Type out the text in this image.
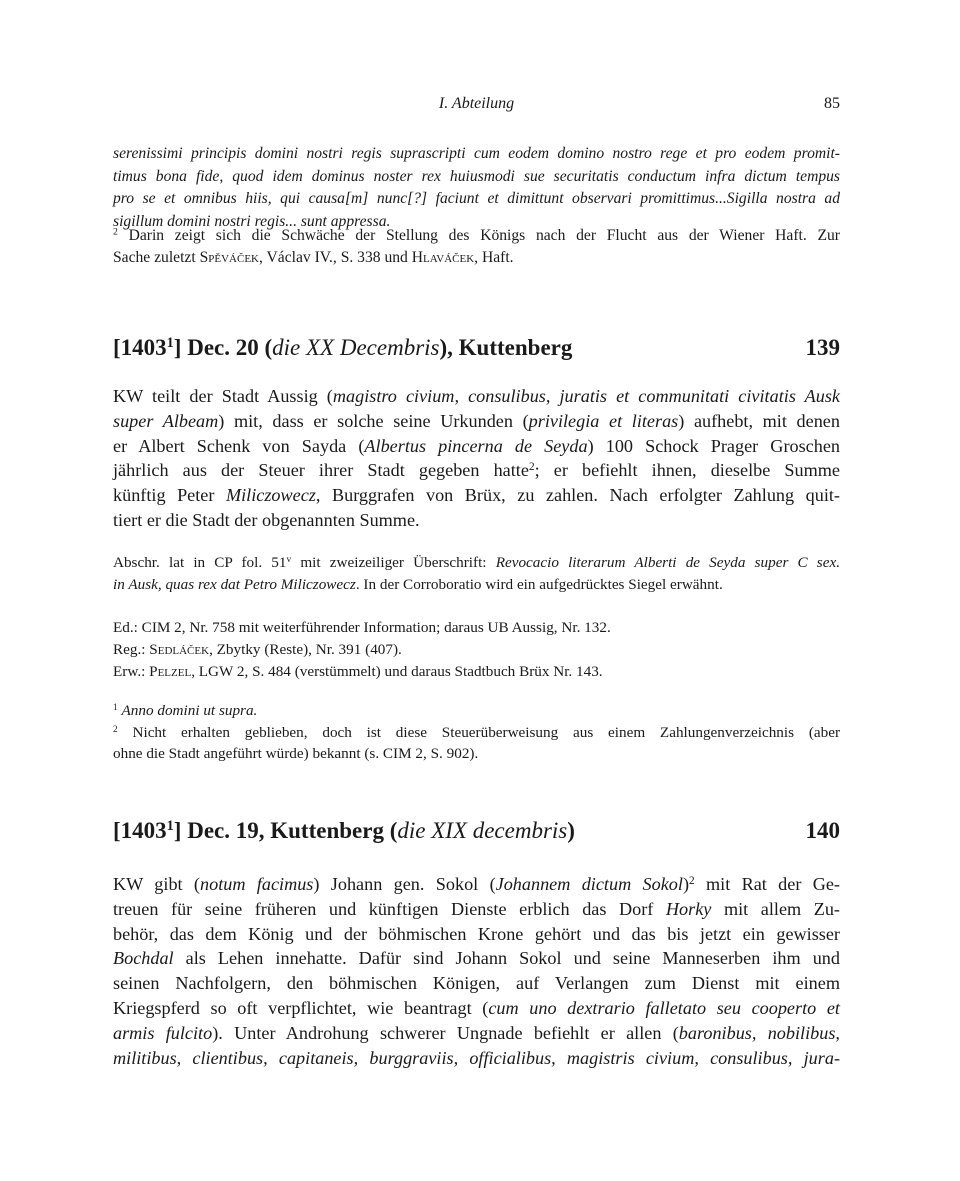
I. Abteilung	85
serenissimi principis domini nostri regis suprascripti cum eodem domino nostro rege et pro eodem promit-
timus bona fide, quod idem dominus noster rex huiusmodi sue securitatis conductum infra dictum tempus
pro se et omnibus hiis, qui causa[m] nunc[?] faciunt et dimittunt observari promittimus...Sigilla nostra ad
sigillum domini nostri regis... sunt appressa.
$^2$ Darin zeigt sich die Schwäche der Stellung des Königs nach der Flucht aus der Wiener Haft. Zur
Sache zuletzt Spěváček, Václav IV., S. 338 und Hlaváček, Haft.
[1403$^1$] Dec. 20 (die XX Decembris), Kuttenberg	139
KW teilt der Stadt Aussig (magistro civium, consulibus, juratis et communitati civitatis Ausk
super Albeam) mit, dass er solche seine Urkunden (privilegia et literas) aufhebt, mit denen
er Albert Schenk von Sayda (Albertus pincerna de Seyda) 100 Schock Prager Groschen
jährlich aus der Steuer ihrer Stadt gegeben hatte$^2$; er befiehlt ihnen, dieselbe Summe
künftig Peter Miliczowecz, Burggrafen von Brüx, zu zahlen. Nach erfolgter Zahlung quit-
tiert er die Stadt der obgenannten Summe.
Abschr. lat in CP fol. 51$^v$ mit zweizeiliger Überschrift: Revocacio literarum Alberti de Seyda super C sex.
in Ausk, quas rex dat Petro Miliczowecz. In der Corroboratio wird ein aufgedrücktes Siegel erwähnt.
Ed.: CIM 2, Nr. 758 mit weiterführender Information; daraus UB Aussig, Nr. 132.
Reg.: Sedláček, Zbytky (Reste), Nr. 391 (407).
Erw.: Pelzel, LGW 2, S. 484 (verstümmelt) und daraus Stadtbuch Brüx Nr. 143.
$^1$ Anno domini ut supra.
$^2$ Nicht erhalten geblieben, doch ist diese Steuerüberweisung aus einem Zahlungenverzeichnis (aber
ohne die Stadt angeführt würde) bekannt (s. CIM 2, S. 902).
[1403$^1$] Dec. 19, Kuttenberg (die XIX decembris)	140
KW gibt (notum facimus) Johann gen. Sokol (Johannem dictum Sokol)$^2$ mit Rat der Ge-
treuen für seine früheren und künftigen Dienste erblich das Dorf Horky mit allem Zu-
behör, das dem König und der böhmischen Krone gehört und das bis jetzt ein gewisser
Bochdal als Lehen innehatte. Dafür sind Johann Sokol und seine Manneserben ihm und
seinen Nachfolgern, den böhmischen Königen, auf Verlangen zum Dienst mit einem
Kriegspferd so oft verpflichtet, wie beantragt (cum uno dextrario falletato seu cooperto et
armis fulcito). Unter Androhung schwerer Ungnade befiehlt er allen (baronibus, nobilibus,
militibus, clientibus, capitaneis, burggraviis, officialibus, magistris civium, consulibus, jura-
